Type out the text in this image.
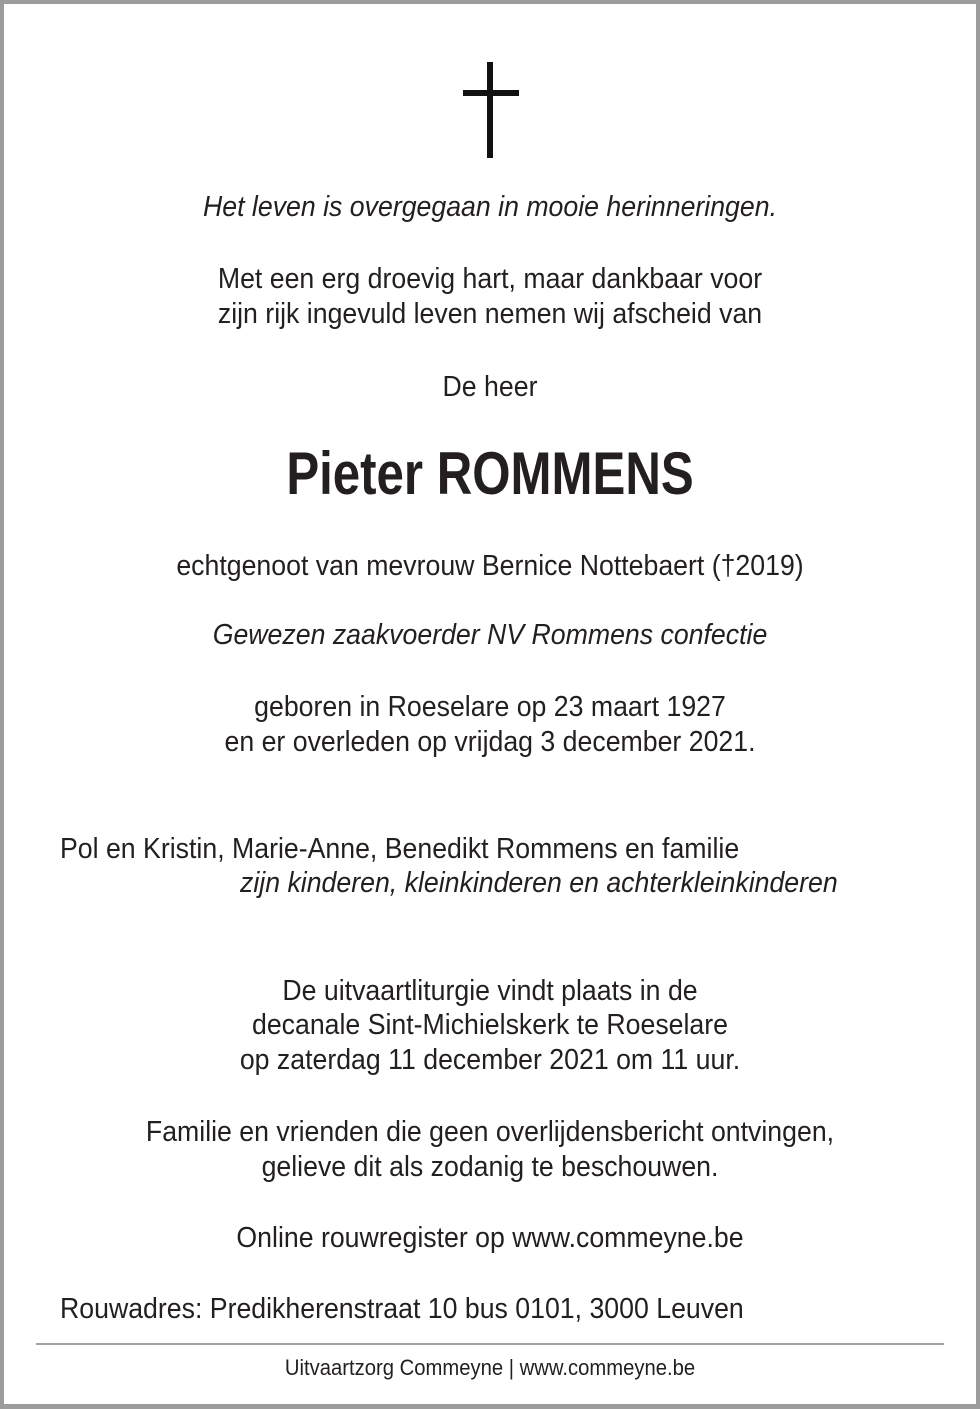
Het leven is overgegaan in mooie herinneringen.
Met een erg droevig hart, maar dankbaar voor
zijn rijk ingevuld leven nemen wij afscheid van
De heer
Pieter ROMMENS
echtgenoot van mevrouw Bernice Nottebaert (†2019)
Gewezen zaakvoerder NV Rommens confectie
geboren in Roeselare op 23 maart 1927
en er overleden op vrijdag 3 december 2021.
Pol en Kristin, Marie-Anne, Benedikt Rommens en familie
zijn kinderen, kleinkinderen en achterkleinkinderen
De uitvaartliturgie vindt plaats in de
decanale Sint-Michielskerk te Roeselare
op zaterdag 11 december 2021 om 11 uur.
Familie en vrienden die geen overlijdensbericht ontvingen,
gelieve dit als zodanig te beschouwen.
Online rouwregister op www.commeyne.be
Rouwadres: Predikherenstraat 10 bus 0101, 3000 Leuven
Uitvaartzorg Commeyne | www.commeyne.be
